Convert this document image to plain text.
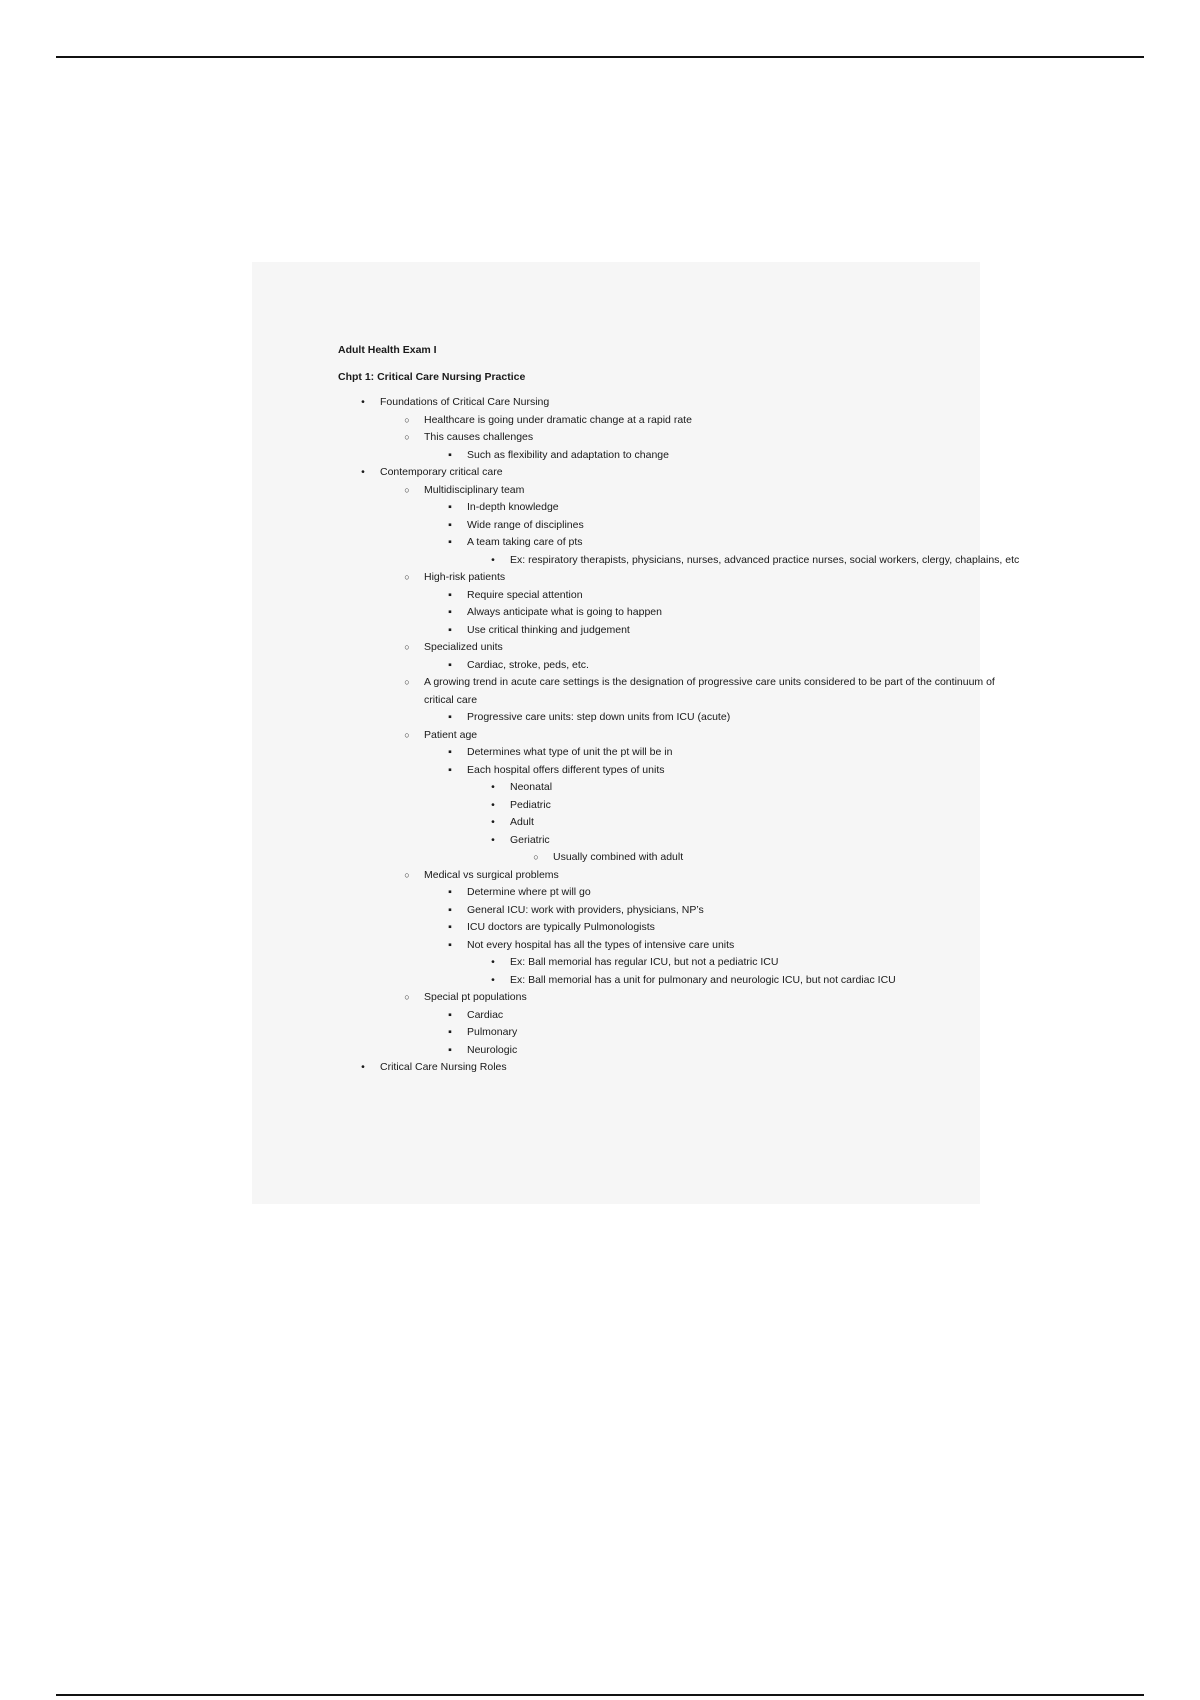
Adult Health Exam I
Chpt 1: Critical Care Nursing Practice
•	Foundations of Critical Care Nursing
○	Healthcare is going under dramatic change at a rapid rate
○	This causes challenges
▪	Such as flexibility and adaptation to change
•	Contemporary critical care
○	Multidisciplinary team
▪	In-depth knowledge
▪	Wide range of disciplines
▪	A team taking care of pts
•	Ex: respiratory therapists, physicians, nurses, advanced practice nurses, social workers, clergy, chaplains, etc
○	High-risk patients
▪	Require special attention
▪	Always anticipate what is going to happen
▪	Use critical thinking and judgement
○	Specialized units
▪	Cardiac, stroke, peds, etc.
○	A growing trend in acute care settings is the designation of progressive care units considered to be part of the continuum of critical care
▪	Progressive care units: step down units from ICU (acute)
○	Patient age
▪	Determines what type of unit the pt will be in
▪	Each hospital offers different types of units
•	Neonatal
•	Pediatric
•	Adult
•	Geriatric
○	Usually combined with adult
○	Medical vs surgical problems
▪	Determine where pt will go
▪	General ICU: work with providers, physicians, NP’s
▪	ICU doctors are typically Pulmonologists
▪	Not every hospital has all the types of intensive care units
•	Ex: Ball memorial has regular ICU, but not a pediatric ICU
•	Ex: Ball memorial has a unit for pulmonary and neurologic ICU, but not cardiac ICU
○	Special pt populations
▪	Cardiac
▪	Pulmonary
▪	Neurologic
•	Critical Care Nursing Roles
